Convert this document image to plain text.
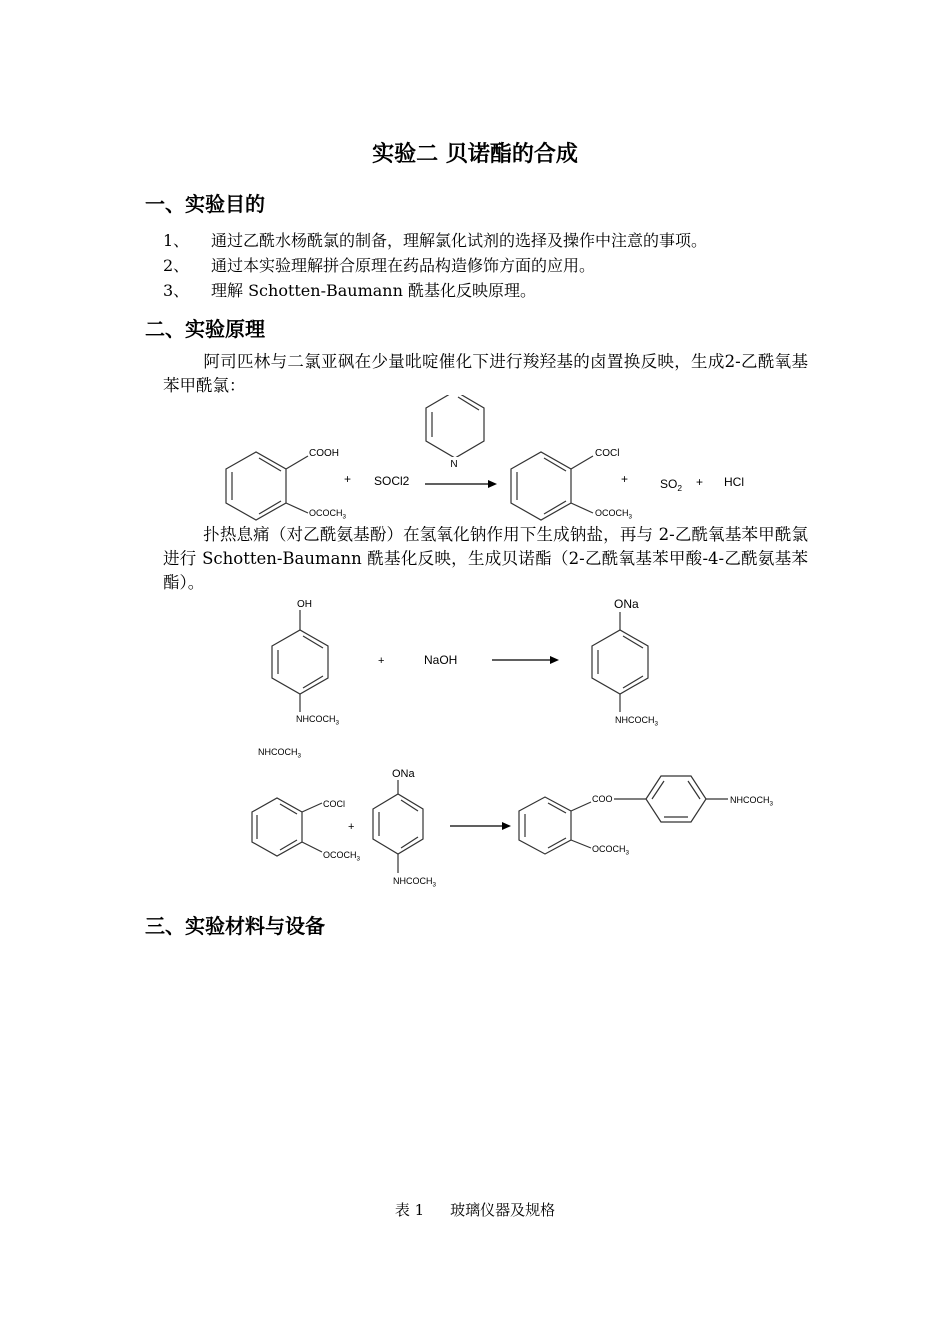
实验二 贝诺酯的合成
一、实验目的
1、 通过乙酰水杨酰氯的制备，理解氯化试剂的选择及操作中注意的事项。
2、 通过本实验理解拼合原理在药品构造修饰方面的应用。
3、 理解 Schotten-Baumann 酰基化反映原理。
二、实验原理
阿司匹林与二氯亚砜在少量吡啶催化下进行羧羟基的卤置换反映，生成2-乙酰氧基苯甲酰氯：
N
COOH
$OCOCH_3$
+ SOCl2
COCl
$OCOCH_3$
+	$SO_2$ + HCl
扑热息痛（对乙酰氨基酚）在氢氧化钠作用下生成钠盐，再与 2-乙酰氧基苯甲酰氯进行 Schotten-Baumann 酰基化反映，生成贝诺酯（2-乙酰氧基苯甲酸-4-乙酰氨基苯酯）。
OH
$NHCOCH_3$
+	NaOH
ONa
$NHCOCH_3$
$NHCOCH_3$
COCl
$OCOCH_3$
+
ONa
$NHCOCH_3$
COO
$OCOCH_3$
$NHCOCH_3$
三、实验材料与设备
表 1 玻璃仪器及规格
